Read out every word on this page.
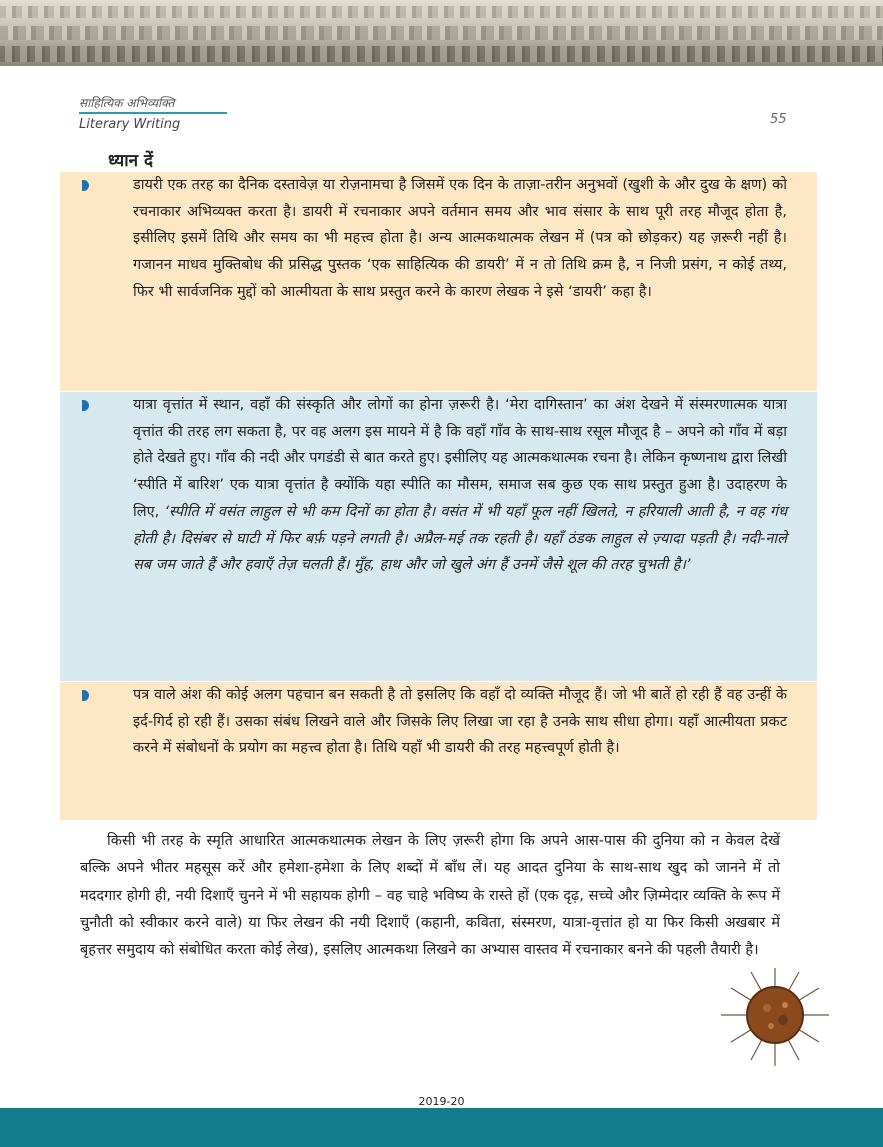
साहित्यिक अभिव्यक्ति
Literary Writing	55
ध्यान दें

डायरी एक तरह का दैनिक दस्तावेज़ या रोज़नामचा है जिसमें एक दिन के ताज़ा-तरीन अनुभवों (खुशी के और दुख के क्षण) को रचनाकार अभिव्यक्त करता है। डायरी में रचनाकार अपने वर्तमान समय और भाव संसार के साथ पूरी तरह मौजूद होता है, इसीलिए इसमें तिथि और समय का भी महत्त्व होता है। अन्य आत्मकथात्मक लेखन में (पत्र को छोड़कर) यह ज़रूरी नहीं है। गजानन माधव मुक्तिबोध की प्रसिद्ध पुस्तक ‘एक साहित्यिक की डायरी’ में न तो तिथि क्रम है, न निजी प्रसंग, न कोई तथ्य, फिर भी सार्वजनिक मुद्दों को आत्मीयता के साथ प्रस्तुत करने के कारण लेखक ने इसे ‘डायरी’ कहा है।

यात्रा वृत्तांत में स्थान, वहाँ की संस्कृति और लोगों का होना ज़रूरी है। ‘मेरा दागिस्तान’ का अंश देखने में संस्मरणात्मक यात्रा वृत्तांत की तरह लग सकता है, पर वह अलग इस मायने में है कि वहाँ गाँव के साथ-साथ रसूल मौजूद है – अपने को गाँव में बड़ा होते देखते हुए। गाँव की नदी और पगडंडी से बात करते हुए। इसीलिए यह आत्मकथात्मक रचना है। लेकिन कृष्णनाथ द्वारा लिखी ‘स्पीति में बारिश’ एक यात्रा वृत्तांत है क्योंकि यहा स्पीति का मौसम, समाज सब कुछ एक साथ प्रस्तुत हुआ है। उदाहरण के लिए, ‘स्पीति में वसंत लाहुल से भी कम दिनों का होता है। वसंत में भी यहाँ फूल नहीं खिलते, न हरियाली आती है, न वह गंध होती है। दिसंबर से घाटी में फिर बर्फ़ पड़ने लगती है। अप्रैल-मई तक रहती है। यहाँ ठंडक लाहुल से ज़्यादा पड़ती है। नदी-नाले सब जम जाते हैं और हवाएँ तेज़ चलती हैं। मुँह, हाथ और जो खुले अंग हैं उनमें जैसे शूल की तरह चुभती है।’

पत्र वाले अंश की कोई अलग पहचान बन सकती है तो इसलिए कि वहाँ दो व्यक्ति मौजूद हैं। जो भी बातें हो रही हैं वह उन्हीं के इर्द-गिर्द हो रही हैं। उसका संबंध लिखने वाले और जिसके लिए लिखा जा रहा है उनके साथ सीधा होगा। यहाँ आत्मीयता प्रकट करने में संबोधनों के प्रयोग का महत्त्व होता है। तिथि यहाँ भी डायरी की तरह महत्त्वपूर्ण होती है।

किसी भी तरह के स्मृति आधारित आत्मकथात्मक लेखन के लिए ज़रूरी होगा कि अपने आस-पास की दुनिया को न केवल देखें बल्कि अपने भीतर महसूस करें और हमेशा-हमेशा के लिए शब्दों में बाँध लें। यह आदत दुनिया के साथ-साथ खुद को जानने में तो मददगार होगी ही, नयी दिशाएँ चुनने में भी सहायक होगी – वह चाहे भविष्य के रास्ते हों (एक दृढ़, सच्चे और ज़िम्मेदार व्यक्ति के रूप में चुनौती को स्वीकार करने वाले) या फिर लेखन की नयी दिशाएँ (कहानी, कविता, संस्मरण, यात्रा-वृत्तांत हो या फिर किसी अखबार में बृहत्तर समुदाय को संबोधित करता कोई लेख), इसलिए आत्मकथा लिखने का अभ्यास वास्तव में रचनाकार बनने की पहली तैयारी है।

2019-20
